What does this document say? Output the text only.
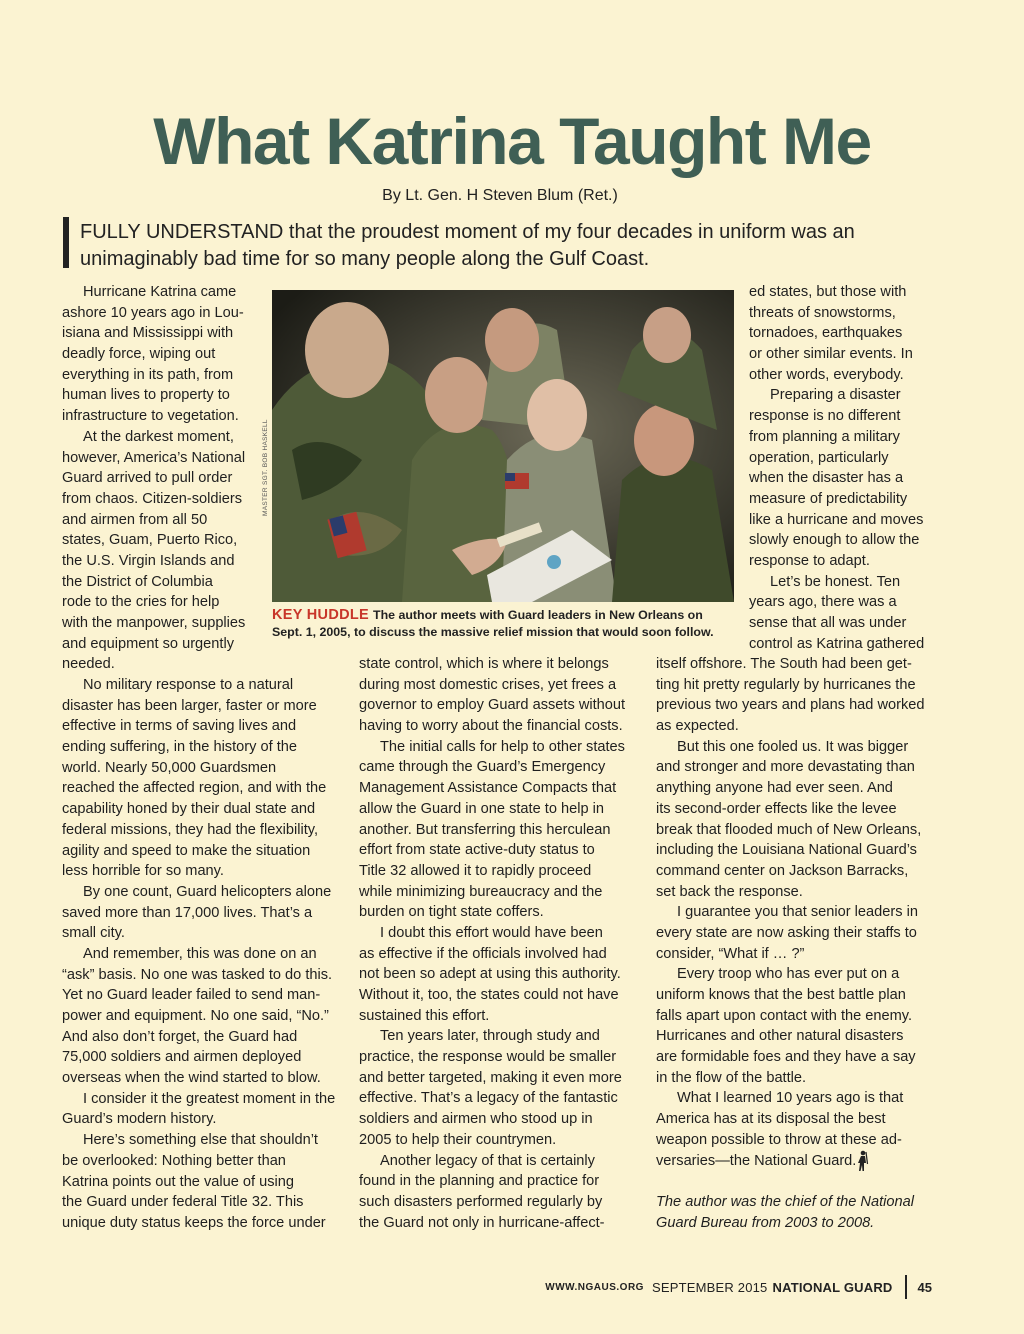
What Katrina Taught Me
By Lt. Gen. H Steven Blum (Ret.)
FULLY UNDERSTAND that the proudest moment of my four decades in uniform was an
unimaginably bad time for so many people along the Gulf Coast.
Hurricane Katrina came
ashore 10 years ago in Lou-
isiana and Mississippi with
deadly force, wiping out
everything in its path, from
human lives to property to
infrastructure to vegetation.
At the darkest moment,
however, America’s National
Guard arrived to pull order
from chaos. Citizen-soldiers
and airmen from all 50
states, Guam, Puerto Rico,
the U.S. Virgin Islands and
the District of Columbia
rode to the cries for help
with the manpower, supplies
and equipment so urgently
needed.
No military response to a natural
disaster has been larger, faster or more
effective in terms of saving lives and
ending suffering, in the history of the
world. Nearly 50,000 Guardsmen
reached the affected region, and with the
capability honed by their dual state and
federal missions, they had the flexibility,
agility and speed to make the situation
less horrible for so many.
By one count, Guard helicopters alone
saved more than 17,000 lives. That’s a
small city.
And remember, this was done on an
“ask” basis. No one was tasked to do this.
Yet no Guard leader failed to send man-
power and equipment. No one said, “No.”
And also don’t forget, the Guard had
75,000 soldiers and airmen deployed
overseas when the wind started to blow.
I consider it the greatest moment in the
Guard’s modern history.
Here’s something else that shouldn’t
be overlooked: Nothing better than
Katrina points out the value of using
the Guard under federal Title 32. This
unique duty status keeps the force under
state control, which is where it belongs
during most domestic crises, yet frees a
governor to employ Guard assets without
having to worry about the financial costs.
The initial calls for help to other states
came through the Guard’s Emergency
Management Assistance Compacts that
allow the Guard in one state to help in
another. But transferring this herculean
effort from state active-duty status to
Title 32 allowed it to rapidly proceed
while minimizing bureaucracy and the
burden on tight state coffers.
I doubt this effort would have been
as effective if the officials involved had
not been so adept at using this authority.
Without it, too, the states could not have
sustained this effort.
Ten years later, through study and
practice, the response would be smaller
and better targeted, making it even more
effective. That’s a legacy of the fantastic
soldiers and airmen who stood up in
2005 to help their countrymen.
Another legacy of that is certainly
found in the planning and practice for
such disasters performed regularly by
the Guard not only in hurricane-affect-
ed states, but those with
threats of snowstorms,
tornadoes, earthquakes
or other similar events. In
other words, everybody.
Preparing a disaster
response is no different
from planning a military
operation, particularly
when the disaster has a
measure of predictability
like a hurricane and moves
slowly enough to allow the
response to adapt.
Let’s be honest. Ten
years ago, there was a
sense that all was under
control as Katrina gathered
itself offshore. The South had been get-
ting hit pretty regularly by hurricanes the
previous two years and plans had worked
as expected.
But this one fooled us. It was bigger
and stronger and more devastating than
anything anyone had ever seen. And
its second-order effects like the levee
break that flooded much of New Orleans,
including the Louisiana National Guard’s
command center on Jackson Barracks,
set back the response.
I guarantee you that senior leaders in
every state are now asking their staffs to
consider, “What if … ?”
Every troop who has ever put on a
uniform knows that the best battle plan
falls apart upon contact with the enemy.
Hurricanes and other natural disasters
are formidable foes and they have a say
in the flow of the battle.
What I learned 10 years ago is that
America has at its disposal the best
weapon possible to throw at these ad-
versaries—the National Guard.
The author was the chief of the National
Guard Bureau from 2003 to 2008.
MASTER SGT. BOB HASKELL
KEY HUDDLE The author meets with Guard leaders in New Orleans on
Sept. 1, 2005, to discuss the massive relief mission that would soon follow.
WWW.NGAUS.ORG SEPTEMBER 2015 NATIONAL GUARD 45
